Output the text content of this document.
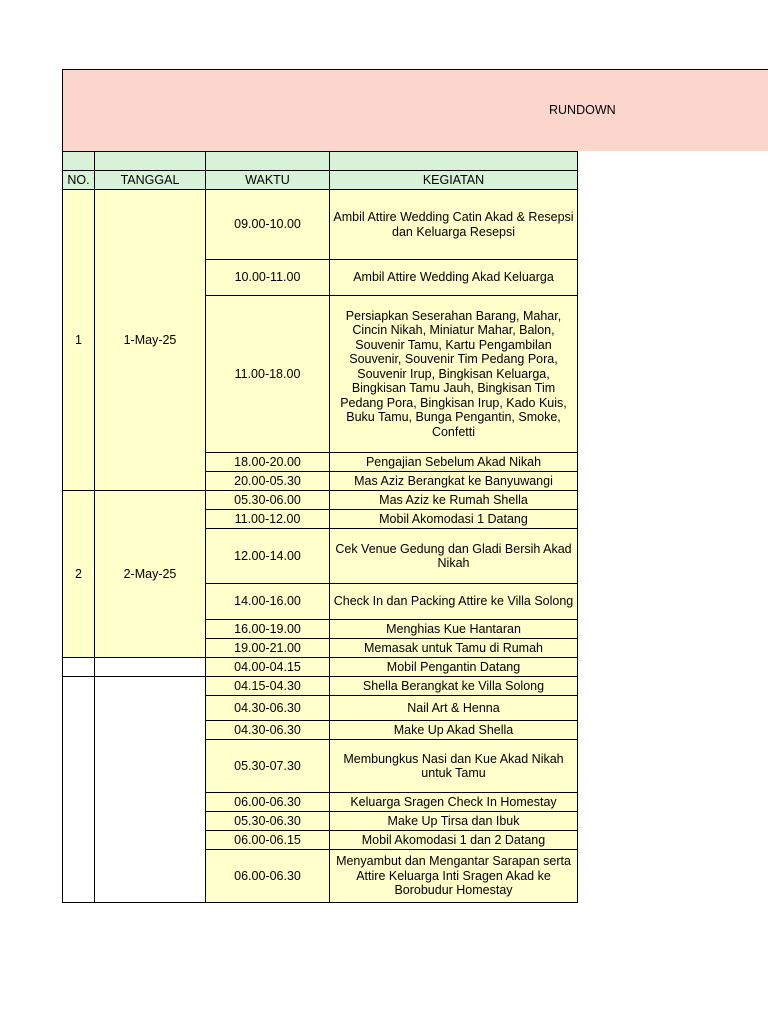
RUNDOWN

NO.	TANGGAL	WAKTU	KEGIATAN
1	1-May-25	09.00-10.00	Ambil Attire Wedding Catin Akad & Resepsi dan Keluarga Resepsi
		10.00-11.00	Ambil Attire Wedding Akad Keluarga
		11.00-18.00	Persiapkan Seserahan Barang, Mahar, Cincin Nikah, Miniatur Mahar, Balon, Souvenir Tamu, Kartu Pengambilan Souvenir, Souvenir Tim Pedang Pora, Souvenir Irup, Bingkisan Keluarga, Bingkisan Tamu Jauh, Bingkisan Tim Pedang Pora, Bingkisan Irup, Kado Kuis, Buku Tamu, Bunga Pengantin, Smoke, Confetti
		18.00-20.00	Pengajian Sebelum Akad Nikah
		20.00-05.30	Mas Aziz Berangkat ke Banyuwangi
2	2-May-25	05.30-06.00	Mas Aziz ke Rumah Shella
		11.00-12.00	Mobil Akomodasi 1 Datang
		12.00-14.00	Cek Venue Gedung dan Gladi Bersih Akad Nikah
		14.00-16.00	Check In dan Packing Attire ke Villa Solong
		16.00-19.00	Menghias Kue Hantaran
		19.00-21.00	Memasak untuk Tamu di Rumah
		04.00-04.15	Mobil Pengantin Datang
		04.15-04.30	Shella Berangkat ke Villa Solong
		04.30-06.30	Nail Art & Henna
		04.30-06.30	Make Up Akad Shella
		05.30-07.30	Membungkus Nasi dan Kue Akad Nikah untuk Tamu
		06.00-06.30	Keluarga Sragen Check In Homestay
		05.30-06.30	Make Up Tirsa dan Ibuk
		06.00-06.15	Mobil Akomodasi 1 dan 2 Datang
		06.00-06.30	Menyambut dan Mengantar Sarapan serta Attire Keluarga Inti Sragen Akad ke Borobudur Homestay
